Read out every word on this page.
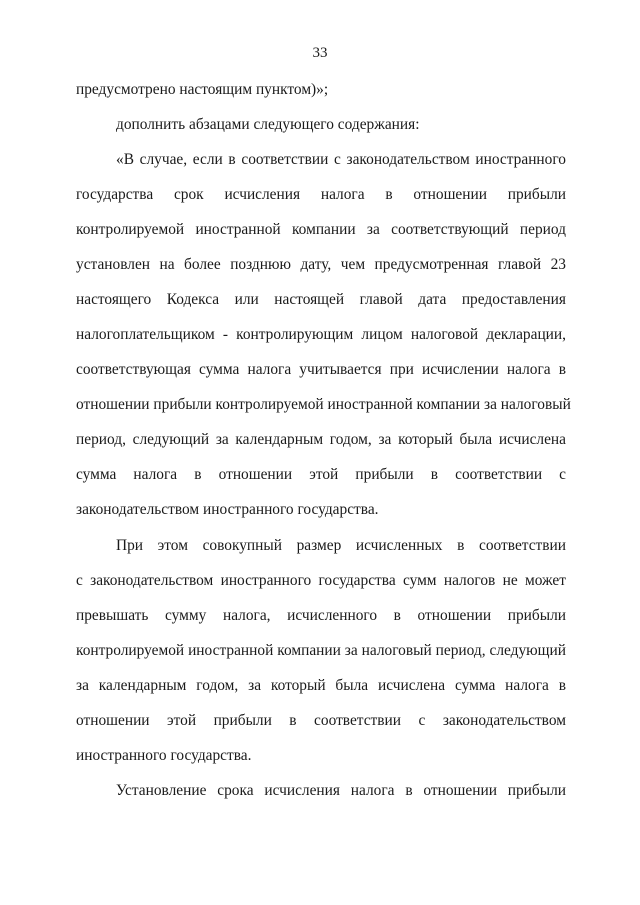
33
предусмотрено настоящим пунктом)»;
дополнить абзацами следующего содержания:
«В случае, если в соответствии с законодательством иностранного
государства срок исчисления налога в отношении прибыли
контролируемой иностранной компании за соответствующий период
установлен на более позднюю дату, чем предусмотренная главой 23
настоящего Кодекса или настоящей главой дата предоставления
налогоплательщиком - контролирующим лицом налоговой декларации,
соответствующая сумма налога учитывается при исчислении налога в
отношении прибыли контролируемой иностранной компании за налоговый
период, следующий за календарным годом, за который была исчислена
сумма налога в отношении этой прибыли в соответствии с
законодательством иностранного государства.
При этом совокупный размер исчисленных в соответствии
с законодательством иностранного государства сумм налогов не может
превышать сумму налога, исчисленного в отношении прибыли
контролируемой иностранной компании за налоговый период, следующий
за календарным годом, за который была исчислена сумма налога в
отношении этой прибыли в соответствии с законодательством
иностранного государства.
Установление срока исчисления налога в отношении прибыли
